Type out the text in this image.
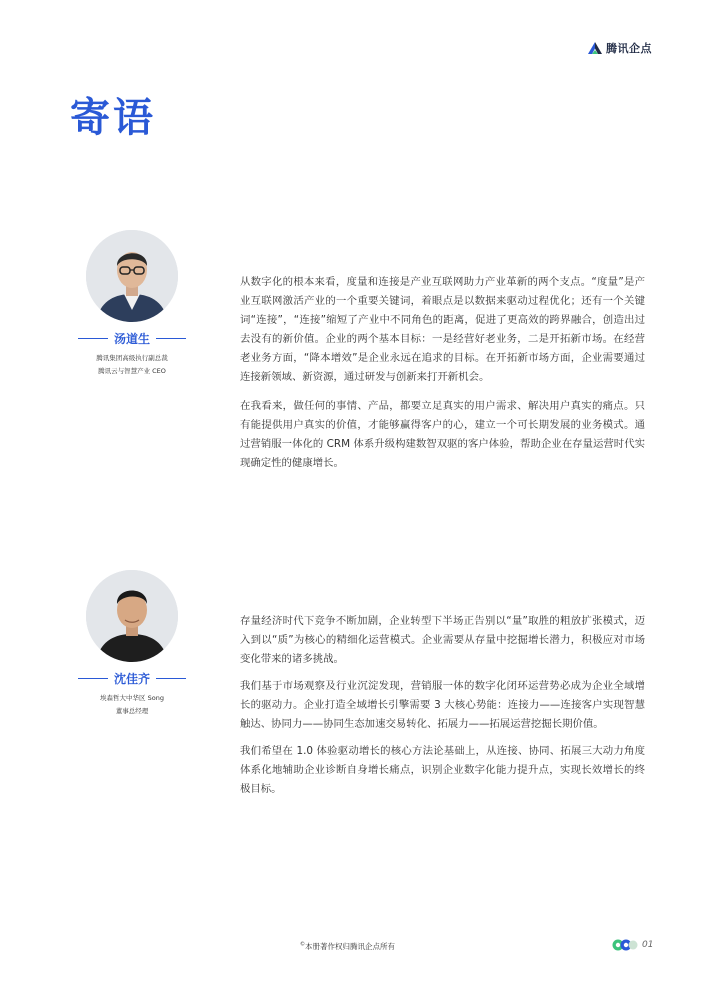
腾讯企点
寄语
汤道生
腾讯集团高级执行副总裁
腾讯云与智慧产业 CEO

从数字化的根本来看，度量和连接是产业互联网助力产业革新的两个支点。“度量”是产业互联网激活产业的一个重要关键词，着眼点是以数据来驱动过程优化；还有一个关键词“连接”，“连接”缩短了产业中不同角色的距离，促进了更高效的跨界融合，创造出过去没有的新价值。企业的两个基本目标：一是经营好老业务，二是开拓新市场。在经营老业务方面，“降本增效”是企业永远在追求的目标。在开拓新市场方面，企业需要通过连接新领域、新资源，通过研发与创新来打开新机会。

在我看来，做任何的事情、产品，都要立足真实的用户需求、解决用户真实的痛点。只有能提供用户真实的价值，才能够赢得客户的心，建立一个可长期发展的业务模式。通过营销服一体化的 CRM 体系升级构建数智双驱的客户体验，帮助企业在存量运营时代实现确定性的健康增长。

沈佳齐
埃森哲大中华区 Song
董事总经理

存量经济时代下竞争不断加剧，企业转型下半场正告别以“量”取胜的粗放扩张模式，迈入到以“质”为核心的精细化运营模式。企业需要从存量中挖掘增长潜力，积极应对市场变化带来的诸多挑战。

我们基于市场观察及行业沉淀发现，营销服一体的数字化闭环运营势必成为企业全域增长的驱动力。企业打造全域增长引擎需要 3 大核心势能：连接力——连接客户实现智慧触达、协同力——协同生态加速交易转化、拓展力——拓展运营挖掘长期价值。

我们希望在 1.0 体验驱动增长的核心方法论基础上，从连接、协同、拓展三大动力角度体系化地辅助企业诊断自身增长痛点，识别企业数字化能力提升点，实现长效增长的终极目标。

©本册著作权归腾讯企点所有	01
